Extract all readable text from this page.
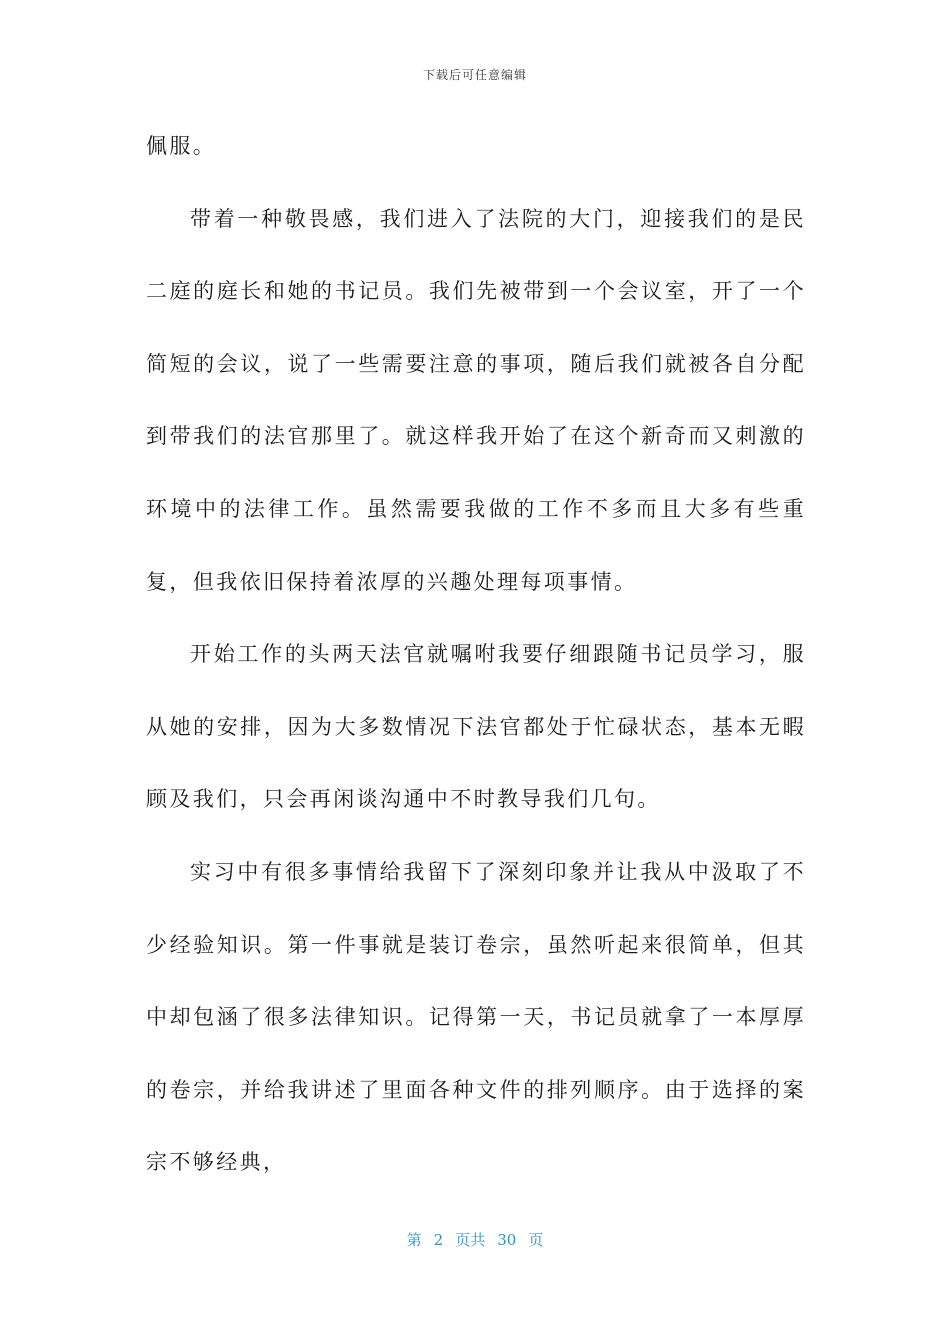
下载后可任意编辑

佩服。

带着一种敬畏感，我们进入了法院的大门，迎接我们的是民二庭的庭长和她的书记员。我们先被带到一个会议室，开了一个简短的会议，说了一些需要注意的事项，随后我们就被各自分配到带我们的法官那里了。就这样我开始了在这个新奇而又刺激的环境中的法律工作。虽然需要我做的工作不多而且大多有些重复，但我依旧保持着浓厚的兴趣处理每项事情。

开始工作的头两天法官就嘱咐我要仔细跟随书记员学习，服从她的安排，因为大多数情况下法官都处于忙碌状态，基本无暇顾及我们，只会再闲谈沟通中不时教导我们几句。

实习中有很多事情给我留下了深刻印象并让我从中汲取了不少经验知识。第一件事就是装订卷宗，虽然听起来很简单，但其中却包涵了很多法律知识。记得第一天，书记员就拿了一本厚厚的卷宗，并给我讲述了里面各种文件的排列顺序。由于选择的案宗不够经典，

第 2 页共 30 页
